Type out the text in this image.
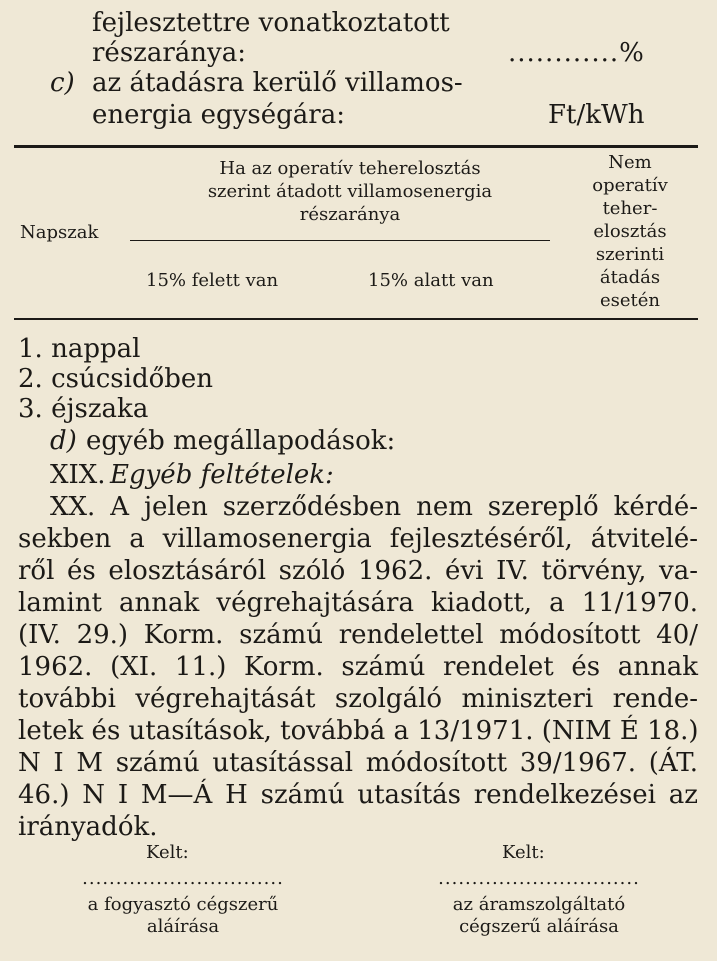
fejlesztettre vonatkoztatott
részaránya:	............%
c) az átadásra kerülő villamos-
energia egységára:	Ft/kWh
Ha az operatív teherelosztás
szerint átadott villamosenergia
részaránya
Napszak
15% felett van	15% alatt van
Nem
operatív
teher-
elosztás
szerinti
átadás
esetén
1. nappal
2. csúcsidőben
3. éjszaka
d) egyéb megállapodások:
XIX. Egyéb feltételek:
XX. A jelen szerződésben nem szereplő kérdé-
sekben a villamosenergia fejlesztéséről, átvitelé-
ről és elosztásáról szóló 1962. évi IV. törvény, va-
lamint annak végrehajtására kiadott, a 11/1970.
(IV. 29.) Korm. számú rendelettel módosított 40/
1962. (XI. 11.) Korm. számú rendelet és annak
további végrehajtását szolgáló miniszteri rende-
letek és utasítások, továbbá a 13/1971. (NIM É 18.)
N I M számú utasítással módosított 39/1967. (ÁT.
46.) N I M—Á H számú utasítás rendelkezései az
irányadók.
Kelt:	Kelt:
..............................	..............................
a fogyasztó cégszerű
aláírása
az áramszolgáltató
cégszerű aláírása
